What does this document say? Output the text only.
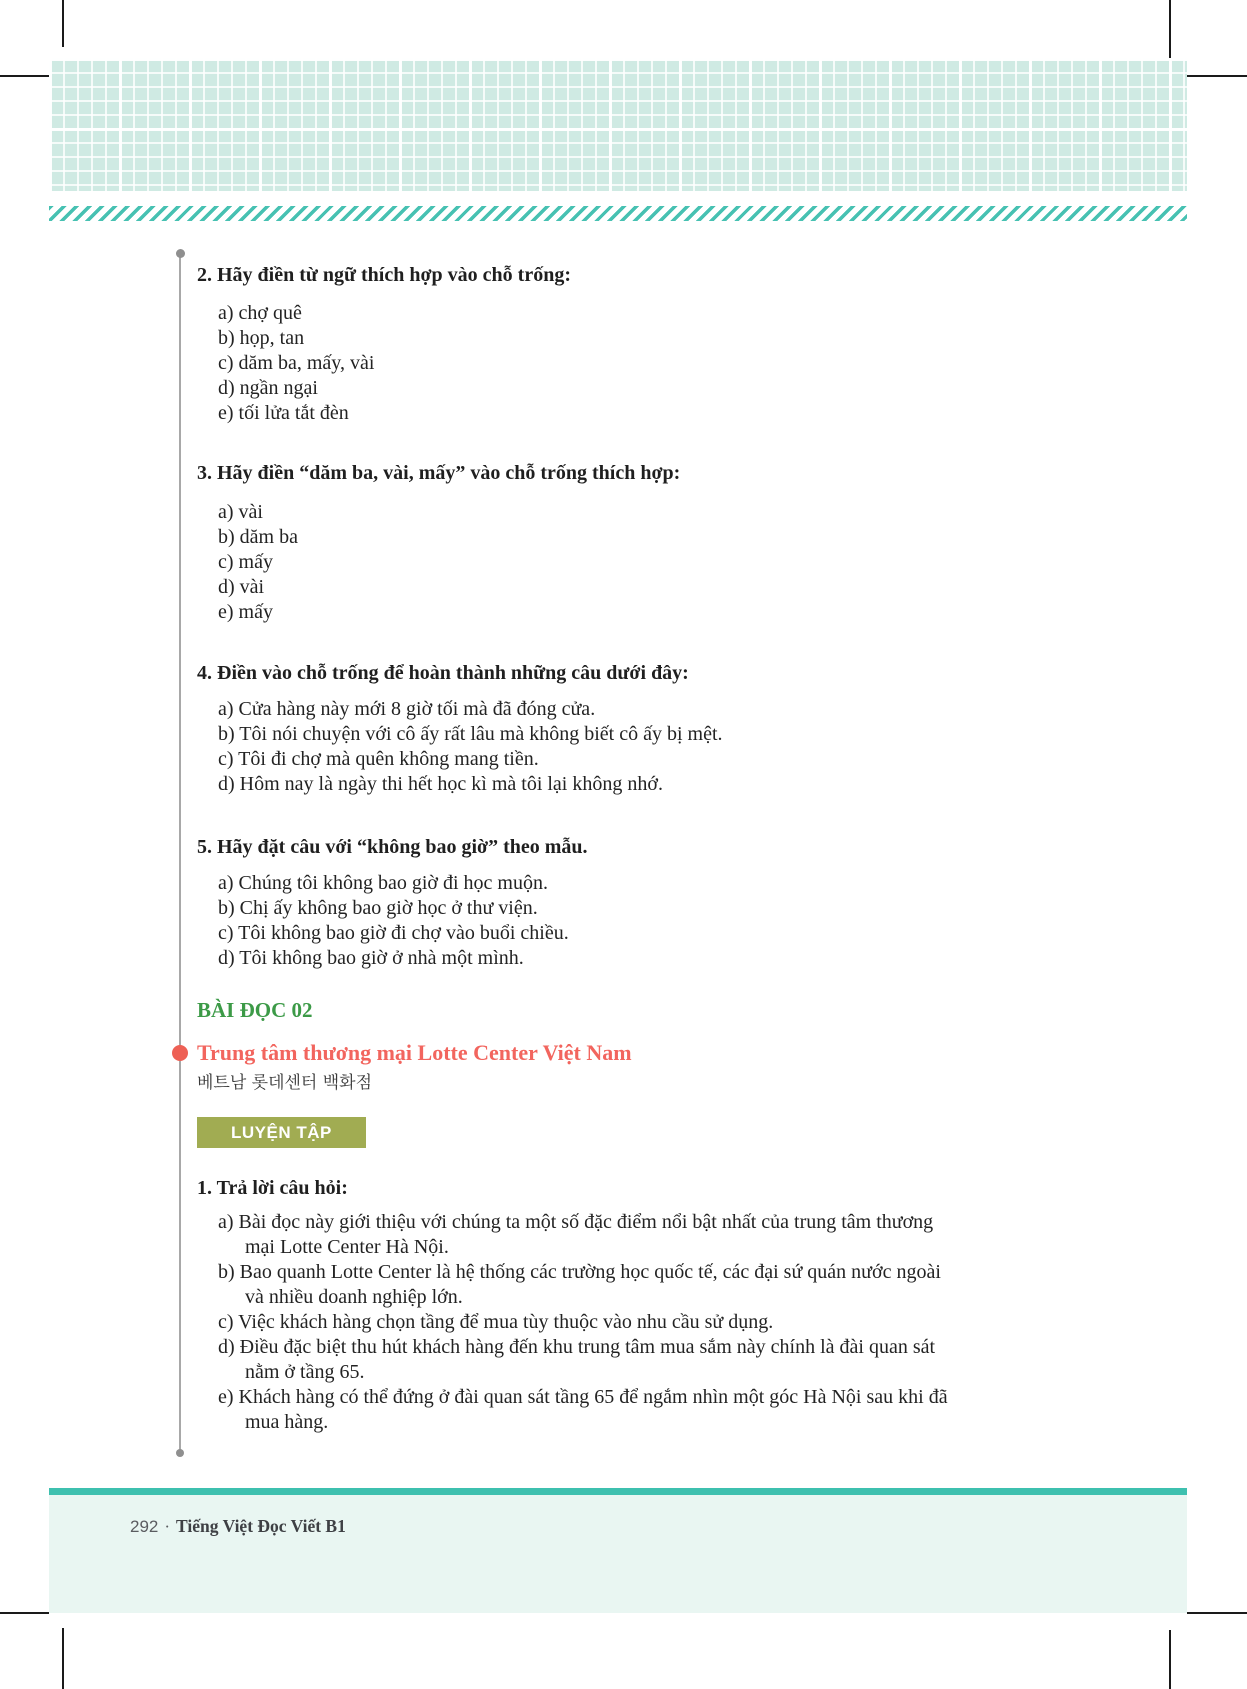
2. Hãy điền từ ngữ thích hợp vào chỗ trống:
a) chợ quê
b) họp, tan
c) dăm ba, mấy, vài
d) ngần ngại
e) tối lửa tắt đèn
3. Hãy điền “dăm ba, vài, mấy” vào chỗ trống thích hợp:
a) vài
b) dăm ba
c) mấy
d) vài
e) mấy
4. Điền vào chỗ trống để hoàn thành những câu dưới đây:
a) Cửa hàng này mới 8 giờ tối mà đã đóng cửa.
b) Tôi nói chuyện với cô ấy rất lâu mà không biết cô ấy bị mệt.
c) Tôi đi chợ mà quên không mang tiền.
d) Hôm nay là ngày thi hết học kì mà tôi lại không nhớ.
5. Hãy đặt câu với “không bao giờ” theo mẫu.
a) Chúng tôi không bao giờ đi học muộn.
b) Chị ấy không bao giờ học ở thư viện.
c) Tôi không bao giờ đi chợ vào buổi chiều.
d) Tôi không bao giờ ở nhà một mình.
BÀI ĐỌC 02
Trung tâm thương mại Lotte Center Việt Nam
베트남 롯데센터 백화점
LUYỆN TẬP
1. Trả lời câu hỏi:
a) Bài đọc này giới thiệu với chúng ta một số đặc điểm nổi bật nhất của trung tâm thương
mại Lotte Center Hà Nội.
b) Bao quanh Lotte Center là hệ thống các trường học quốc tế, các đại sứ quán nước ngoài
và nhiều doanh nghiệp lớn.
c) Việc khách hàng chọn tầng để mua tùy thuộc vào nhu cầu sử dụng.
d) Điều đặc biệt thu hút khách hàng đến khu trung tâm mua sắm này chính là đài quan sát
nằm ở tầng 65.
e) Khách hàng có thể đứng ở đài quan sát tầng 65 để ngắm nhìn một góc Hà Nội sau khi đã
mua hàng.
292 · Tiếng Việt Đọc Viết B1
